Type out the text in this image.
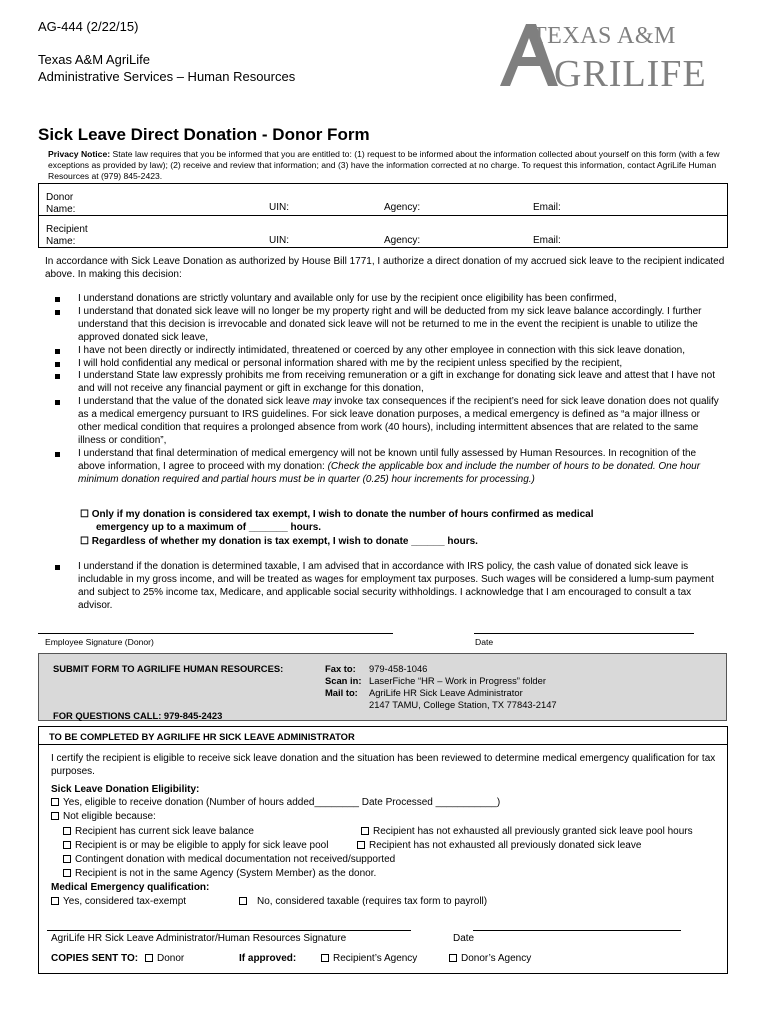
AG-444 (2/22/15)
Texas A&M AgriLife
Administrative Services – Human Resources
TEXAS A&M
GRILIFE
Sick Leave Direct Donation - Donor Form
Privacy Notice: State law requires that you be informed that you are entitled to: (1) request to be informed about the information collected about yourself on this form (with a few exceptions as provided by law); (2) receive and review that information; and (3) have the information corrected at no charge. To request this information, contact AgriLife Human Resources at (979) 845-2423.
Donor
Name:	UIN:	Agency:	Email:
Recipient
Name:	UIN:	Agency:	Email:
In accordance with Sick Leave Donation as authorized by House Bill 1771, I authorize a direct donation of my accrued sick leave to the recipient indicated above. In making this decision:
I understand donations are strictly voluntary and available only for use by the recipient once eligibility has been confirmed,
I understand that donated sick leave will no longer be my property right and will be deducted from my sick leave balance accordingly. I further understand that this decision is irrevocable and donated sick leave will not be returned to me in the event the recipient is unable to utilize the approved donated sick leave,
I have not been directly or indirectly intimidated, threatened or coerced by any other employee in connection with this sick leave donation,
I will hold confidential any medical or personal information shared with me by the recipient unless specified by the recipient,
I understand State law expressly prohibits me from receiving remuneration or a gift in exchange for donating sick leave and attest that I have not and will not receive any financial payment or gift in exchange for this donation,
I understand that the value of the donated sick leave may invoke tax consequences if the recipient’s need for sick leave donation does not qualify as a medical emergency pursuant to IRS guidelines. For sick leave donation purposes, a medical emergency is defined as “a major illness or other medical condition that requires a prolonged absence from work (40 hours), including intermittent absences that are related to the same illness or condition”,
I understand that final determination of medical emergency will not be known until fully assessed by Human Resources. In recognition of the above information, I agree to proceed with my donation: (Check the applicable box and include the number of hours to be donated. One hour minimum donation required and partial hours must be in quarter (0.25) hour increments for processing.)
☐ Only if my donation is considered tax exempt, I wish to donate the number of hours confirmed as medical
emergency up to a maximum of _______ hours.
☐ Regardless of whether my donation is tax exempt, I wish to donate ______ hours.
I understand if the donation is determined taxable, I am advised that in accordance with IRS policy, the cash value of donated sick leave is includable in my gross income, and will be treated as wages for employment tax purposes. Such wages will be considered a lump-sum payment and subject to 25% income tax, Medicare, and applicable social security withholdings. I acknowledge that I am encouraged to consult a tax advisor.
Employee Signature (Donor)	Date
SUBMIT FORM TO AGRILIFE HUMAN RESOURCES:	Fax to: 979-458-1046
Scan in: LaserFiche “HR – Work in Progress” folder
Mail to: AgriLife HR Sick Leave Administrator
2147 TAMU, College Station, TX 77843-2147
FOR QUESTIONS CALL: 979-845-2423
TO BE COMPLETED BY AGRILIFE HR SICK LEAVE ADMINISTRATOR
I certify the recipient is eligible to receive sick leave donation and the situation has been reviewed to determine medical emergency qualification for tax purposes.
Sick Leave Donation Eligibility:
Yes, eligible to receive donation (Number of hours added________ Date Processed ___________)
Not eligible because:
Recipient has current sick leave balance	Recipient has not exhausted all previously granted sick leave pool hours
Recipient is or may be eligible to apply for sick leave pool	Recipient has not exhausted all previously donated sick leave
Contingent donation with medical documentation not received/supported
Recipient is not in the same Agency (System Member) as the donor.
Medical Emergency qualification:
Yes, considered tax-exempt	No, considered taxable (requires tax form to payroll)
AgriLife HR Sick Leave Administrator/Human Resources Signature	Date
COPIES SENT TO:	Donor	If approved:	Recipient’s Agency	Donor’s Agency
